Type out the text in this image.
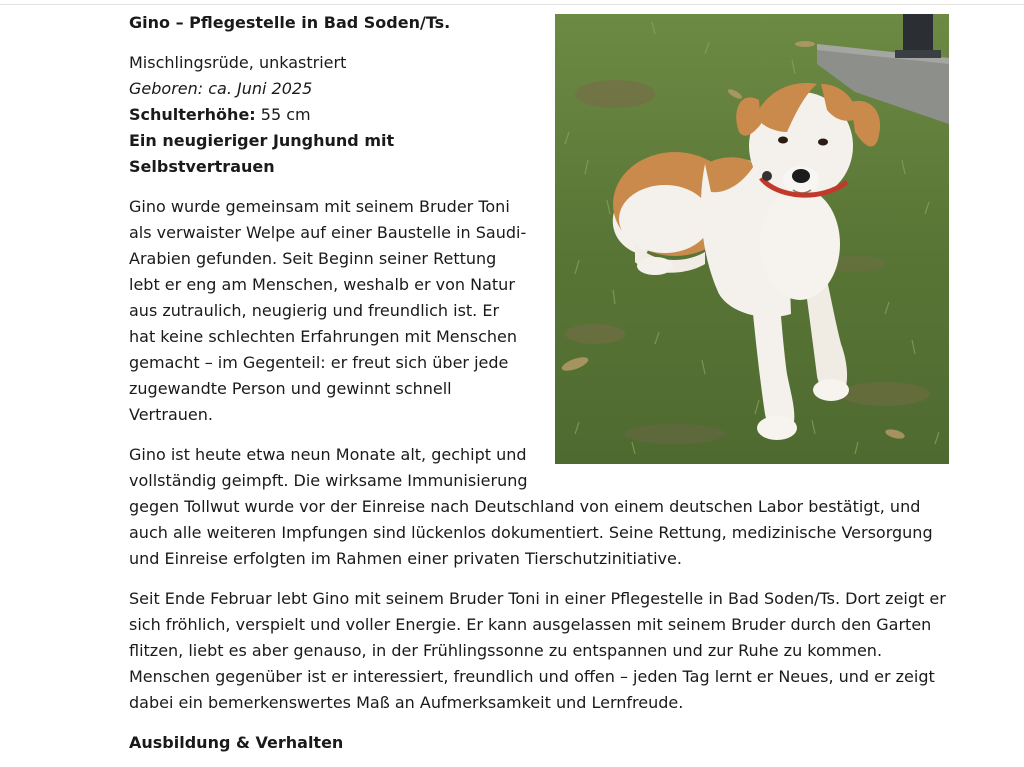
Gino – Pflegestelle in Bad Soden/Ts.
Mischlingsrüde, unkastriert
Geboren: ca. Juni 2025
Schulterhöhe: 55 cm
Ein neugieriger Junghund mit Selbstvertrauen

Gino wurde gemeinsam mit seinem Bruder Toni als verwaister Welpe auf einer Baustelle in Saudi-Arabien gefunden. Seit Beginn seiner Rettung lebt er eng am Menschen, weshalb er von Natur aus zutraulich, neugierig und freundlich ist. Er hat keine schlechten Erfahrungen mit Menschen gemacht – im Gegenteil: er freut sich über jede zugewandte Person und gewinnt schnell Vertrauen.

Gino ist heute etwa neun Monate alt, gechipt und vollständig geimpft. Die wirksame Immunisierung gegen Tollwut wurde vor der Einreise nach Deutschland von einem deutschen Labor bestätigt, und auch alle weiteren Impfungen sind lückenlos dokumentiert. Seine Rettung, medizinische Versorgung und Einreise erfolgten im Rahmen einer privaten Tierschutzinitiative.

Seit Ende Februar lebt Gino mit seinem Bruder Toni in einer Pflegestelle in Bad Soden/Ts. Dort zeigt er sich fröhlich, verspielt und voller Energie. Er kann ausgelassen mit seinem Bruder durch den Garten flitzen, liebt es aber genauso, in der Frühlingssonne zu entspannen und zur Ruhe zu kommen. Menschen gegenüber ist er interessiert, freundlich und offen – jeden Tag lernt er Neues, und er zeigt dabei ein bemerkenswertes Maß an Aufmerksamkeit und Lernfreude.

Ausbildung & Verhalten
